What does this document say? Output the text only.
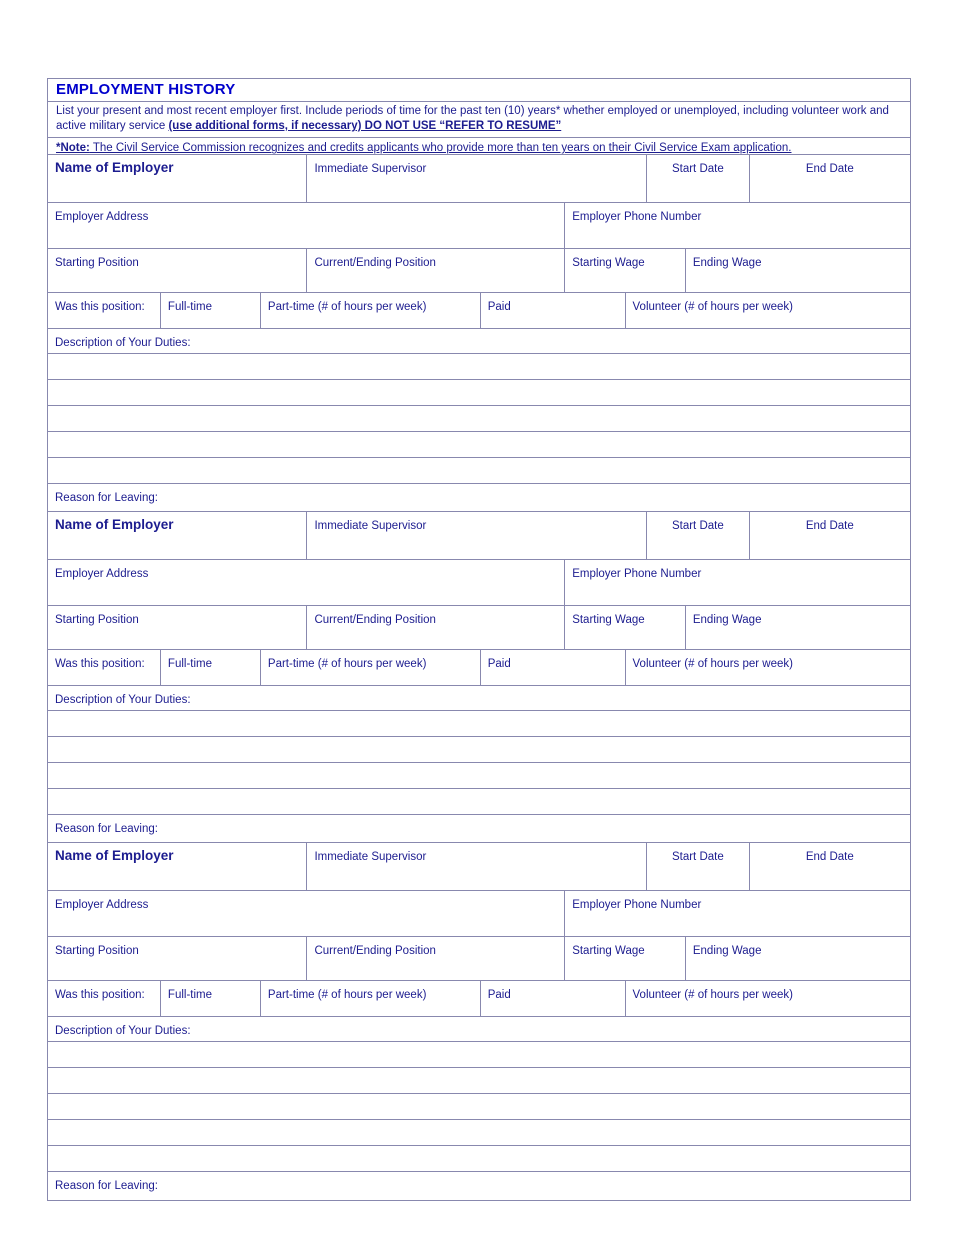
EMPLOYMENT HISTORY

List your present and most recent employer first. Include periods of time for the past ten (10) years* whether employed or unemployed, including volunteer work and active military service (use additional forms, if necessary) DO NOT USE “REFER TO RESUME”

*Note: The Civil Service Commission recognizes and credits applicants who provide more than ten years on their Civil Service Exam application.
Name of Employer	Immediate Supervisor	Start Date	End Date
Employer Address	Employer Phone Number
Starting Position	Current/Ending Position	Starting Wage	Ending Wage
Was this position:	Full-time	Part-time (# of hours per week)	Paid	Volunteer (# of hours per week)
Description of Your Duties:
Reason for Leaving:
Name of Employer	Immediate Supervisor	Start Date	End Date
Employer Address	Employer Phone Number
Starting Position	Current/Ending Position	Starting Wage	Ending Wage
Was this position:	Full-time	Part-time (# of hours per week)	Paid	Volunteer (# of hours per week)
Description of Your Duties:
Reason for Leaving:
Name of Employer	Immediate Supervisor	Start Date	End Date
Employer Address	Employer Phone Number
Starting Position	Current/Ending Position	Starting Wage	Ending Wage
Was this position:	Full-time	Part-time (# of hours per week)	Paid	Volunteer (# of hours per week)
Description of Your Duties:
Reason for Leaving:
